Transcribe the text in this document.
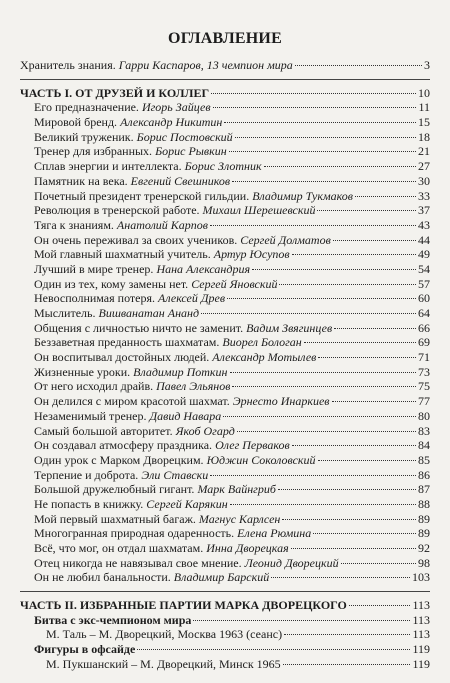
ОГЛАВЛЕНИЕ
Хранитель знания. Гарри Каспаров, 13 чемпион мира	3
ЧАСТЬ I. ОТ ДРУЗЕЙ И КОЛЛЕГ	10
Его предназначение. Игорь Зайцев	11
Мировой бренд. Александр Никитин	15
Великий труженик. Борис Постовский	18
Тренер для избранных. Борис Рывкин	21
Сплав энергии и интеллекта. Борис Злотник	27
Памятник на века. Евгений Свешников	30
Почетный президент тренерской гильдии. Владимир Тукмаков	33
Революция в тренерской работе. Михаил Шерешевский	37
Тяга к знаниям. Анатолий Карпов	43
Он очень переживал за своих учеников. Сергей Долматов	44
Мой главный шахматный учитель. Артур Юсупов	49
Лучший в мире тренер. Нана Александрия	54
Один из тех, кому замены нет. Сергей Яновский	57
Невосполнимая потеря. Алексей Древ	60
Мыслитель. Вишванатан Ананд	64
Общения с личностью ничто не заменит. Вадим Звягинцев	66
Беззаветная преданность шахматам. Виорел Бологан	69
Он воспитывал достойных людей. Александр Мотылев	71
Жизненные уроки. Владимир Поткин	73
От него исходил драйв. Павел Эльянов	75
Он делился с миром красотой шахмат. Эрнесто Инаркиев	77
Незаменимый тренер. Давид Навара	80
Самый большой авторитет. Якоб Огард	83
Он создавал атмосферу праздника. Олег Перваков	84
Один урок с Марком Дворецким. Юджин Соколовский	85
Терпение и доброта. Эли Ставски	86
Большой дружелюбный гигант. Марк Вайнгриб	87
Не попасть в книжку. Сергей Карякин	88
Мой первый шахматный багаж. Магнус Карлсен	89
Многогранная природная одаренность. Елена Рюмина	89
Всё, что мог, он отдал шахматам. Инна Дворецкая	92
Отец никогда не навязывал свое мнение. Леонид Дворецкий	98
Он не любил банальности. Владимир Барский	103
ЧАСТЬ II. ИЗБРАННЫЕ ПАРТИИ МАРКА ДВОРЕЦКОГО	113
Битва с экс-чемпионом мира	113
М. Таль – М. Дворецкий, Москва 1963 (сеанс)	113
Фигуры в офсайде	119
М. Пукшанский – М. Дворецкий, Минск 1965	119
